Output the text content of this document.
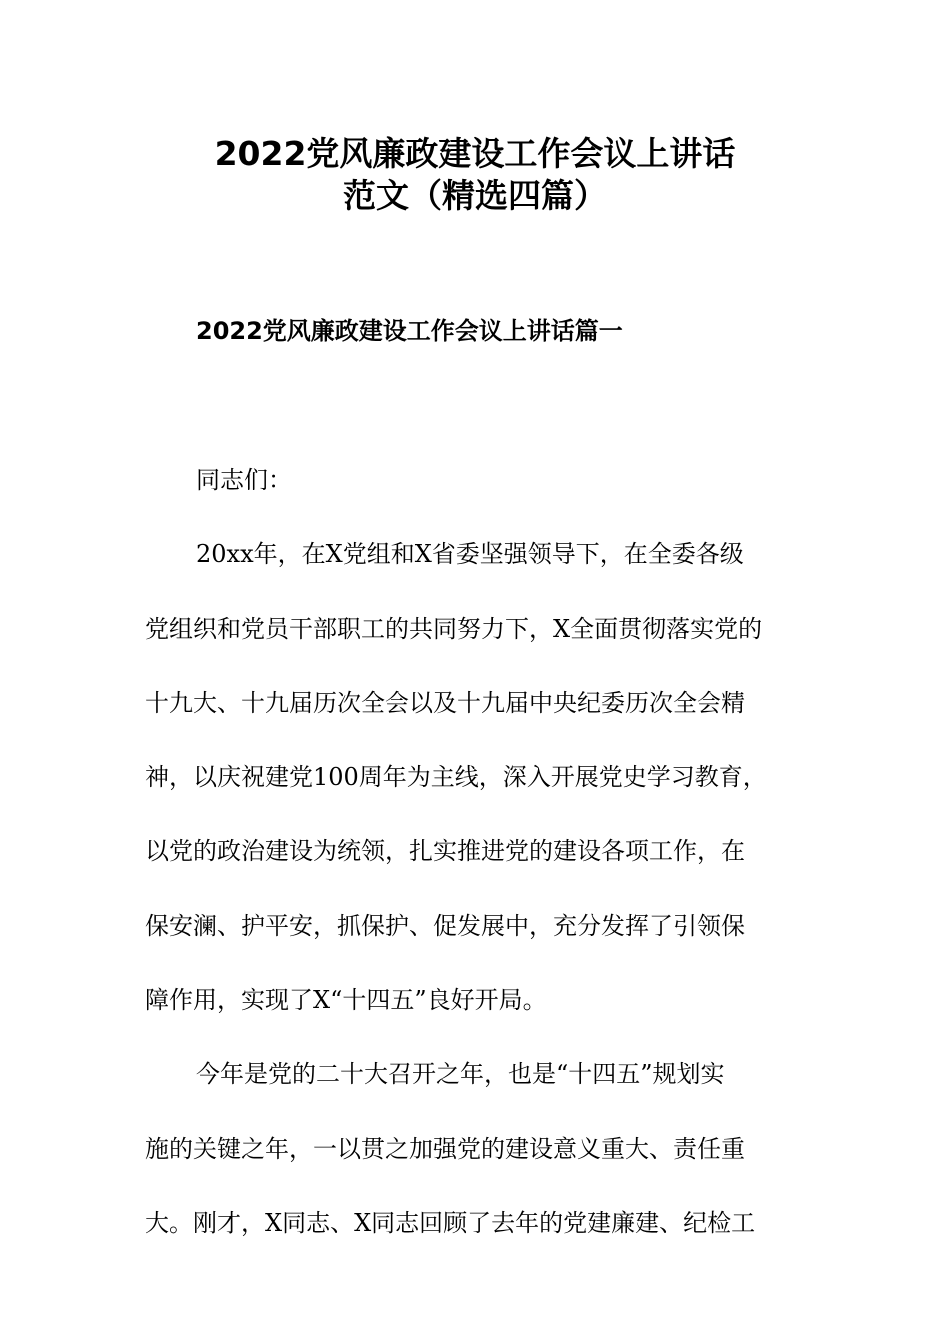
2022党风廉政建设工作会议上讲话
范文（精选四篇）
2022党风廉政建设工作会议上讲话篇一
同志们：
20xx年，在X党组和X省委坚强领导下，在全委各级
党组织和党员干部职工的共同努力下，X全面贯彻落实党的
十九大、十九届历次全会以及十九届中央纪委历次全会精
神，以庆祝建党100周年为主线，深入开展党史学习教育，
以党的政治建设为统领，扎实推进党的建设各项工作，在
保安澜、护平安，抓保护、促发展中，充分发挥了引领保
障作用，实现了X“十四五”良好开局。
今年是党的二十大召开之年，也是“十四五”规划实
施的关键之年，一以贯之加强党的建设意义重大、责任重
大。刚才，X同志、X同志回顾了去年的党建廉建、纪检工
